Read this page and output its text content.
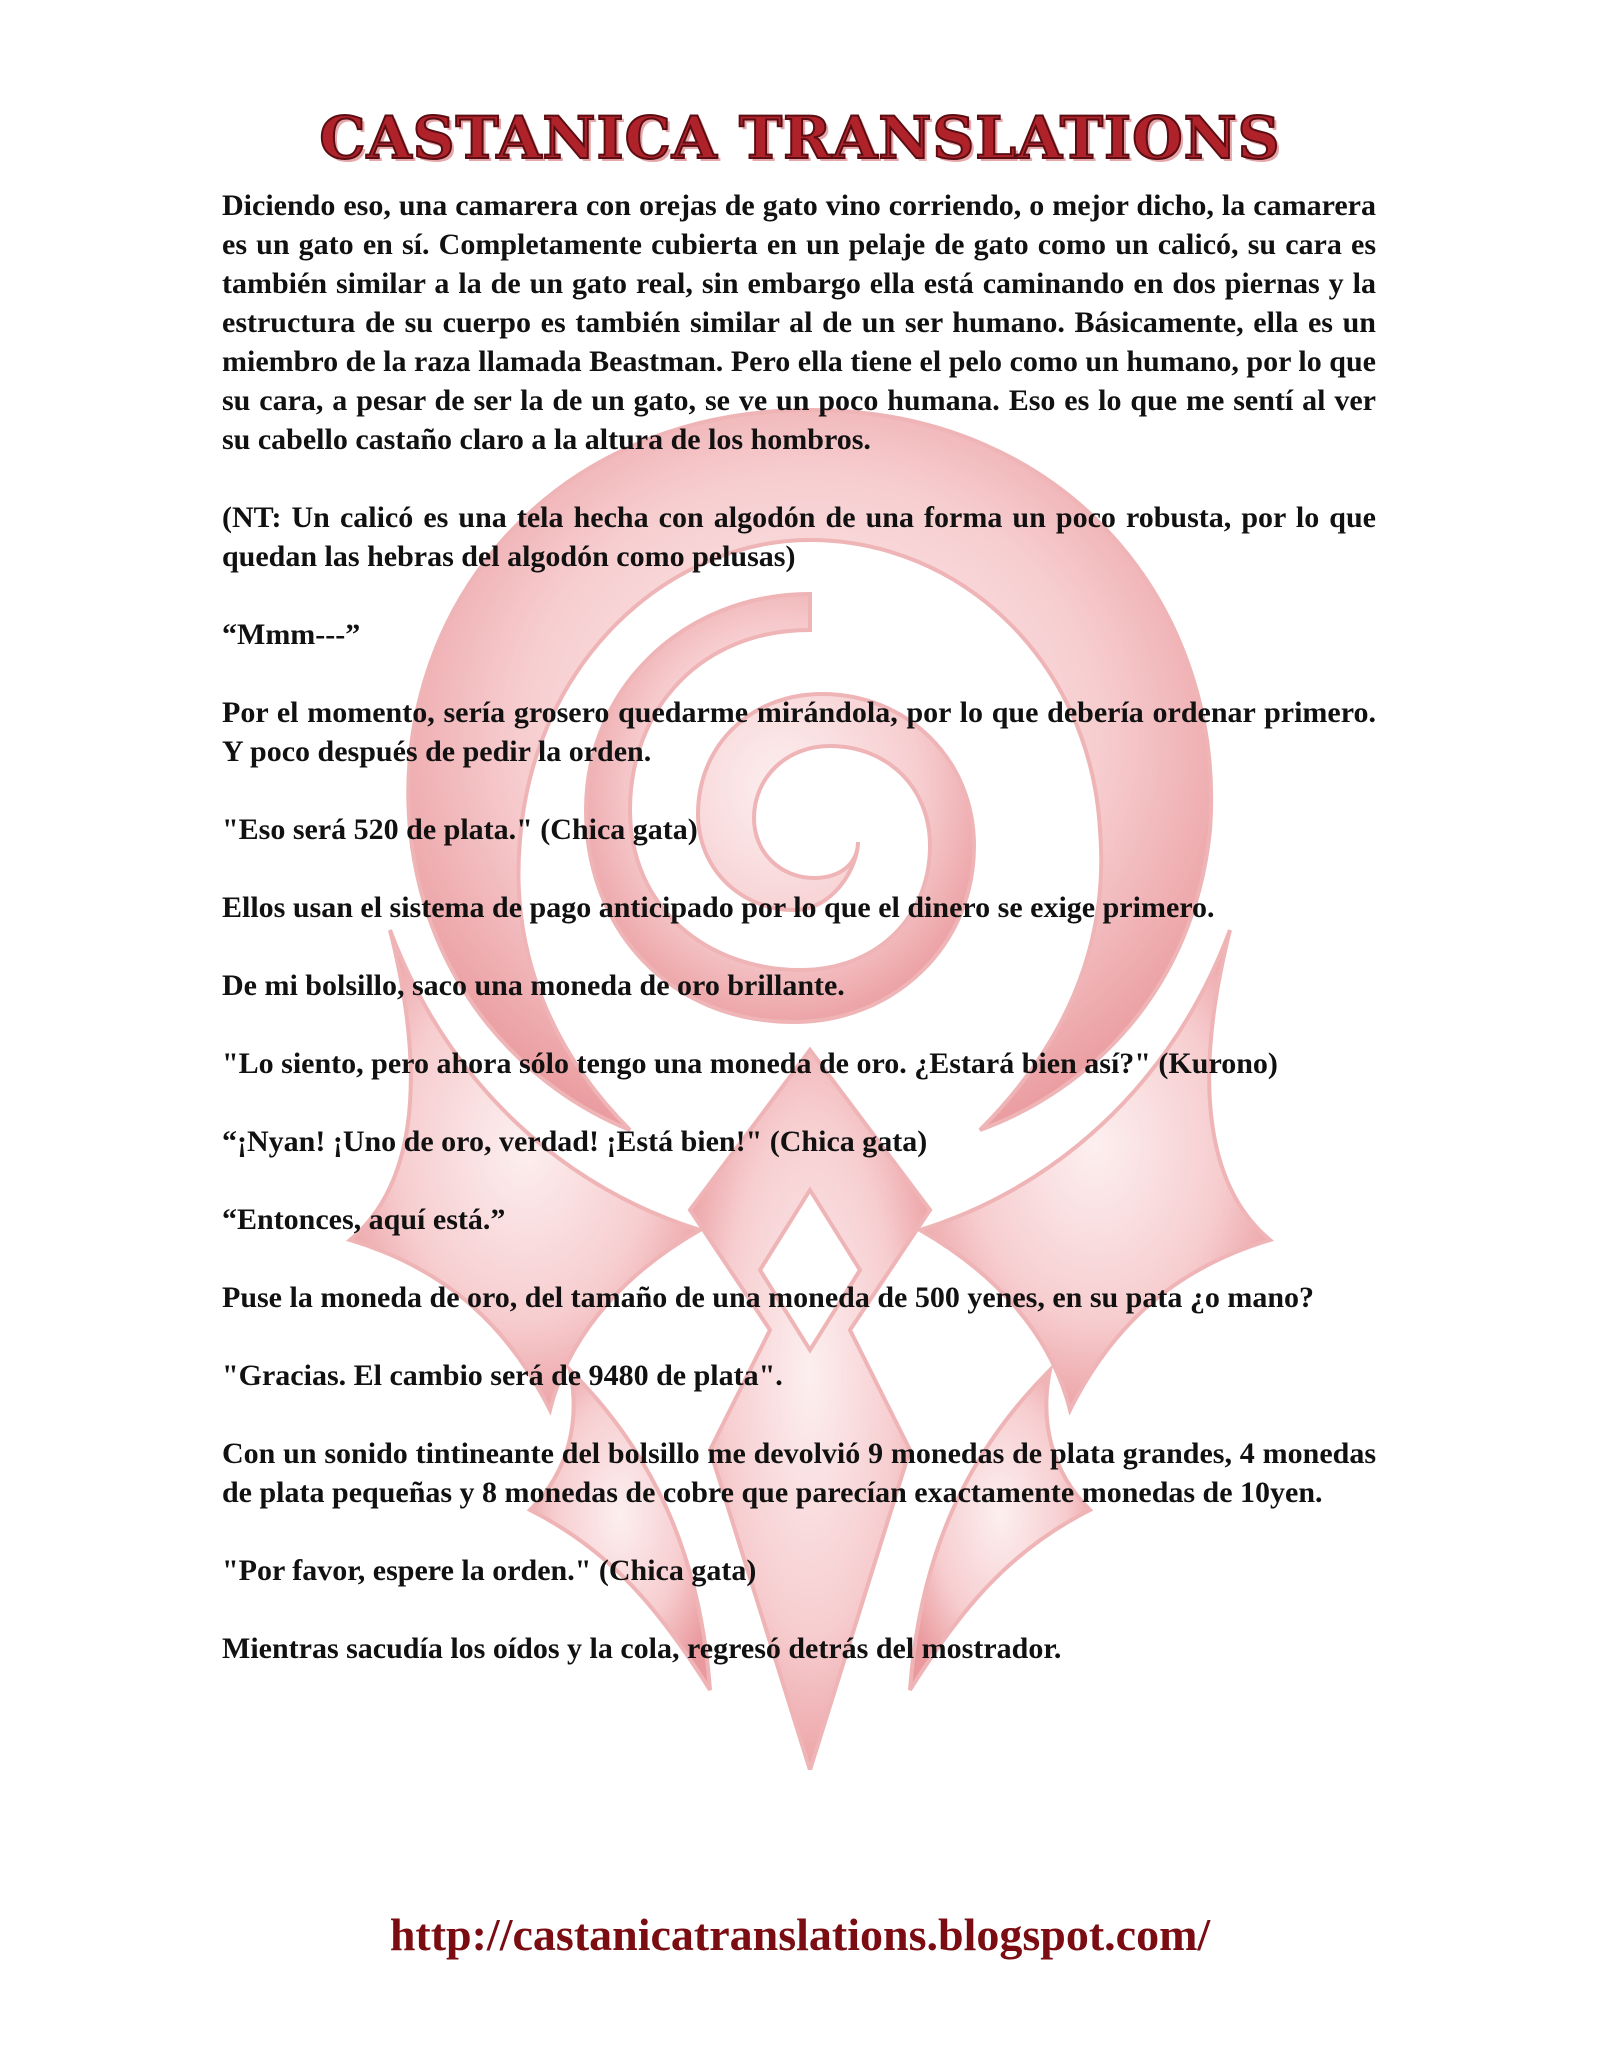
CASTANICA TRANSLATIONS

Diciendo eso, una camarera con orejas de gato vino corriendo, o mejor dicho, la camarera es un gato en sí. Completamente cubierta en un pelaje de gato como un calicó, su cara es también similar a la de un gato real, sin embargo ella está caminando en dos piernas y la estructura de su cuerpo es también similar al de un ser humano. Básicamente, ella es un miembro de la raza llamada Beastman. Pero ella tiene el pelo como un humano, por lo que su cara, a pesar de ser la de un gato, se ve un poco humana. Eso es lo que me sentí al ver su cabello castaño claro a la altura de los hombros.

(NT: Un calicó es una tela hecha con algodón de una forma un poco robusta, por lo que quedan las hebras del algodón como pelusas)

“Mmm---”

Por el momento, sería grosero quedarme mirándola, por lo que debería ordenar primero. Y poco después de pedir la orden.

"Eso será 520 de plata." (Chica gata)

Ellos usan el sistema de pago anticipado por lo que el dinero se exige primero.

De mi bolsillo, saco una moneda de oro brillante.

"Lo siento, pero ahora sólo tengo una moneda de oro. ¿Estará bien así?" (Kurono)

“¡Nyan! ¡Uno de oro, verdad! ¡Está bien!" (Chica gata)

“Entonces, aquí está.”

Puse la moneda de oro, del tamaño de una moneda de 500 yenes, en su pata ¿o mano?

"Gracias. El cambio será de 9480 de plata".

Con un sonido tintineante del bolsillo me devolvió 9 monedas de plata grandes, 4 monedas de plata pequeñas y 8 monedas de cobre que parecían exactamente monedas de 10yen.

"Por favor, espere la orden." (Chica gata)

Mientras sacudía los oídos y la cola, regresó detrás del mostrador.

http://castanicatranslations.blogspot.com/
